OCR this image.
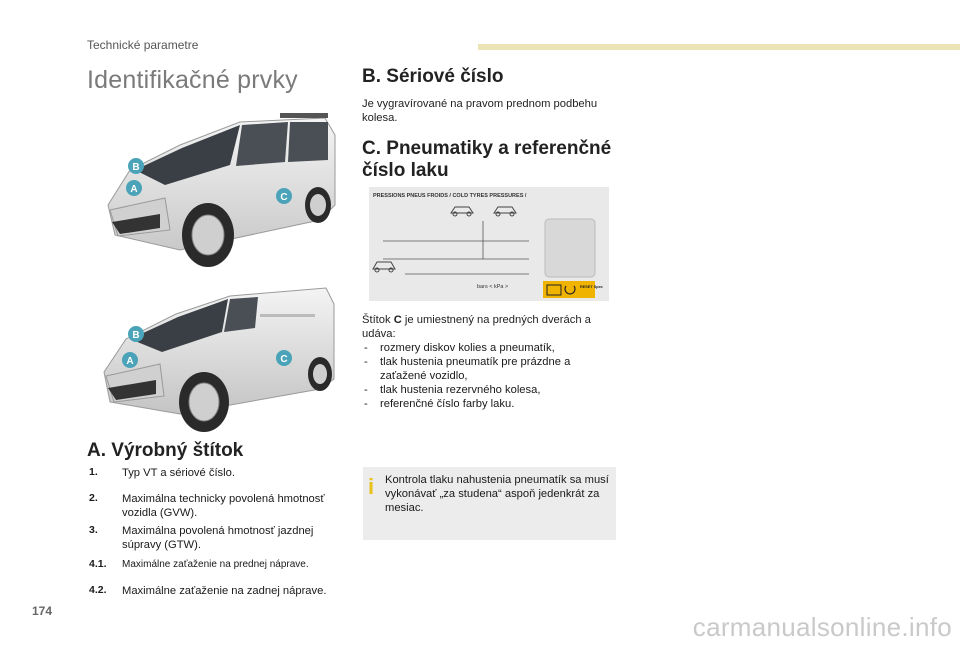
Technické parametre
Identifikačné prvky
A
B
C
A
B
C
A. Výrobný štítok
1. Typ VT a sériové číslo.
2. Maximálna technicky povolená hmotnosť vozidla (GVW).
3. Maximálna povolená hmotnosť jazdnej súpravy (GTW).
4.1. Maximálne zaťaženie na prednej náprave.
4.2. Maximálne zaťaženie na zadnej náprave.
B. Sériové číslo
Je vygravírované na pravom prednom podbehu kolesa.
C. Pneumatiky a referenčné číslo laku
PRESSIONS PNEUS FROIDS / COLD TYRES PRESSURES /
bars < kPa >	RESET Spec
Štítok C je umiestnený na predných dverách a udáva:
- rozmery diskov kolies a pneumatík,
- tlak hustenia pneumatík pre prázdne a zaťažené vozidlo,
- tlak hustenia rezervného kolesa,
- referenčné číslo farby laku.
i Kontrola tlaku nahustenia pneumatík sa musí vykonávať „za studena“ aspoň jedenkrát za mesiac.
174
carmanualsonline.info
